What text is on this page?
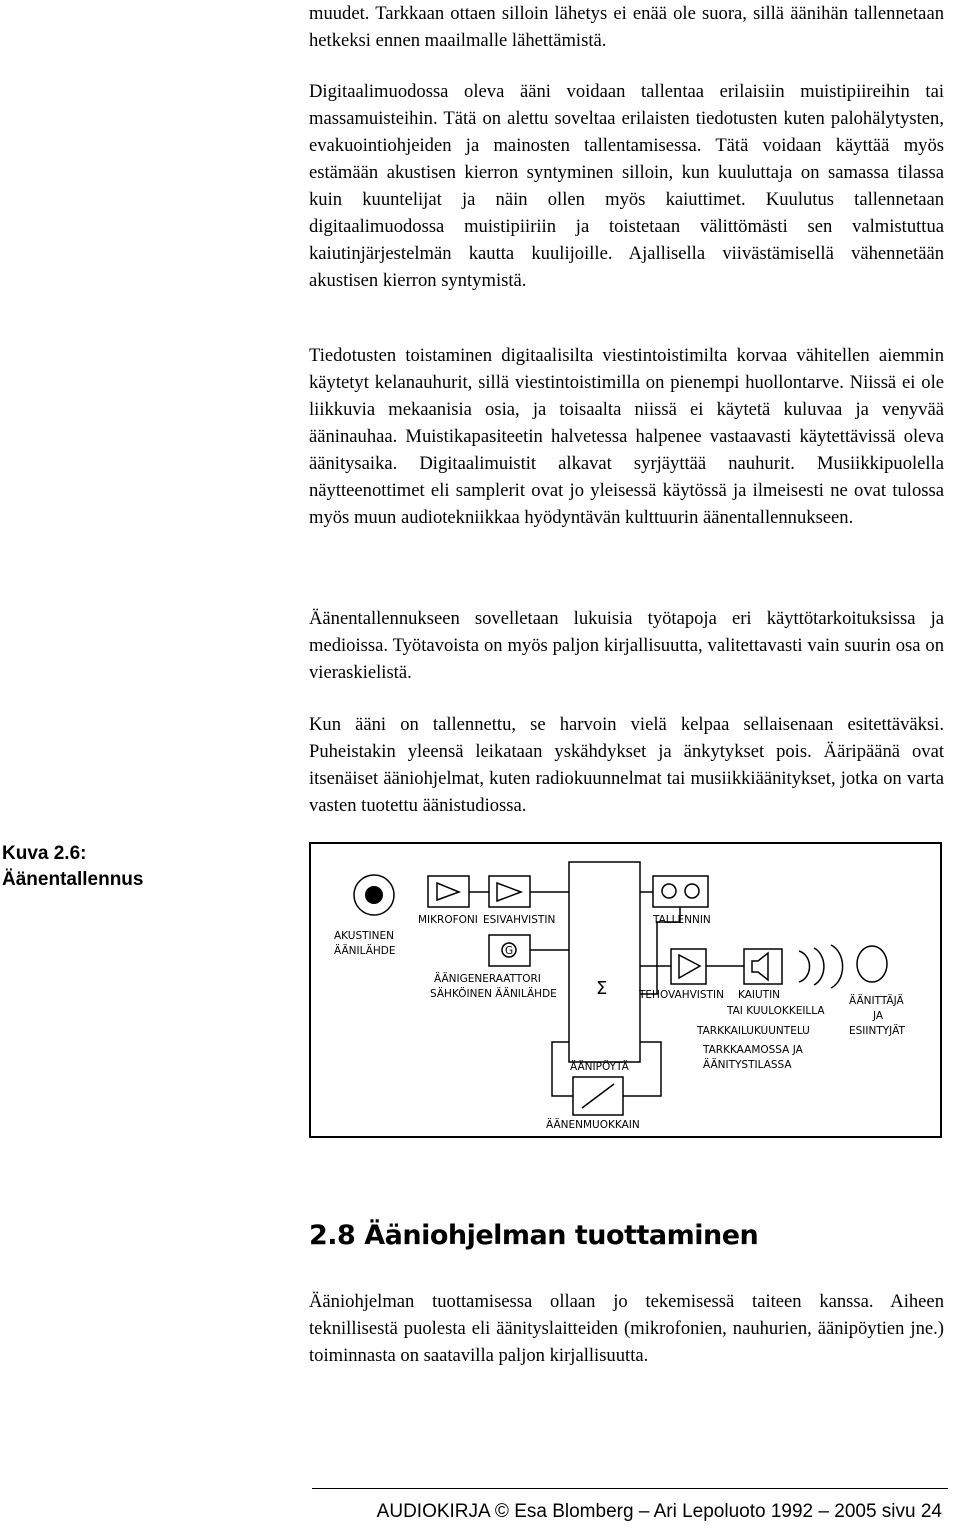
muudet. Tarkkaan ottaen silloin lähetys ei enää ole suora, sillä äänihän tallennetaan hetkeksi ennen maailmalle lähettämistä.

Digitaalimuodossa oleva ääni voidaan tallentaa erilaisiin muistipiireihin tai massamuisteihin. Tätä on alettu soveltaa erilaisten tiedotusten kuten palohälytysten, evakuointiohjeiden ja mainosten tallentamisessa. Tätä voidaan käyttää myös estämään akustisen kierron syntyminen silloin, kun kuuluttaja on samassa tilassa kuin kuuntelijat ja näin ollen myös kaiuttimet. Kuulutus tallennetaan digitaalimuodossa muistipiiriin ja toistetaan välittömästi sen valmistuttua kaiutinjärjestelmän kautta kuulijoille. Ajallisella viivästämisellä vähennetään akustisen kierron syntymistä.

Tiedotusten toistaminen digitaalisilta viestintoistimilta korvaa vähitellen aiemmin käytetyt kelanauhurit, sillä viestintoistimilla on pienempi huollontarve. Niissä ei ole liikkuvia mekaanisia osia, ja toisaalta niissä ei käytetä kuluvaa ja venyvää ääninauhaa. Muistikapasiteetin halvetessa halpenee vastaavasti käytettävissä oleva äänitysaika. Digitaalimuistit alkavat syrjäyttää nauhurit. Musiikkipuolella näytteenottimet eli samplerit ovat jo yleisessä käytössä ja ilmeisesti ne ovat tulossa myös muun audiotekniikkaa hyödyntävän kulttuurin äänentallennukseen.

Äänentallennukseen sovelletaan lukuisia työtapoja eri käyttötarkoituksissa ja medioissa. Työtavoista on myös paljon kirjallisuutta, valitettavasti vain suurin osa on vieraskielistä.

Kun ääni on tallennettu, se harvoin vielä kelpaa sellaisenaan esitettäväksi. Puheistakin yleensä leikataan yskähdykset ja änkytykset pois. Ääripäänä ovat itsenäiset ääniohjelmat, kuten radiokuunnelmat tai musiikkiäänitykset, jotka on varta vasten tuotettu äänistudiossa.

Kuva 2.6:
Äänentallennus
AKUSTINEN
ÄÄNILÄHDE
MIKROFONI ESIVAHVISTIN	TALLENNIN
G
ÄÄNIGENERAATTORI
SÄHKÖINEN ÄÄNILÄHDE Σ	TEHOVAHVISTIN KAIUTIN
TAI KUULOKKEILLA
TARKKAILUKUUNTELU
TARKKAAMOSSA JA
ÄÄNITYSTILASSA
ÄÄNITTÄJÄ
JA
ESIINTYJÄT
ÄÄNIPÖYTÄ
ÄÄNENMUOKKAIN
2.8 Ääniohjelman tuottaminen

Ääniohjelman tuottamisessa ollaan jo tekemisessä taiteen kanssa. Aiheen teknillisestä puolesta eli äänityslaitteiden (mikrofonien, nauhurien, äänipöytien jne.) toiminnasta on saatavilla paljon kirjallisuutta.

AUDIOKIRJA © Esa Blomberg – Ari Lepoluoto 1992 – 2005 sivu 24
